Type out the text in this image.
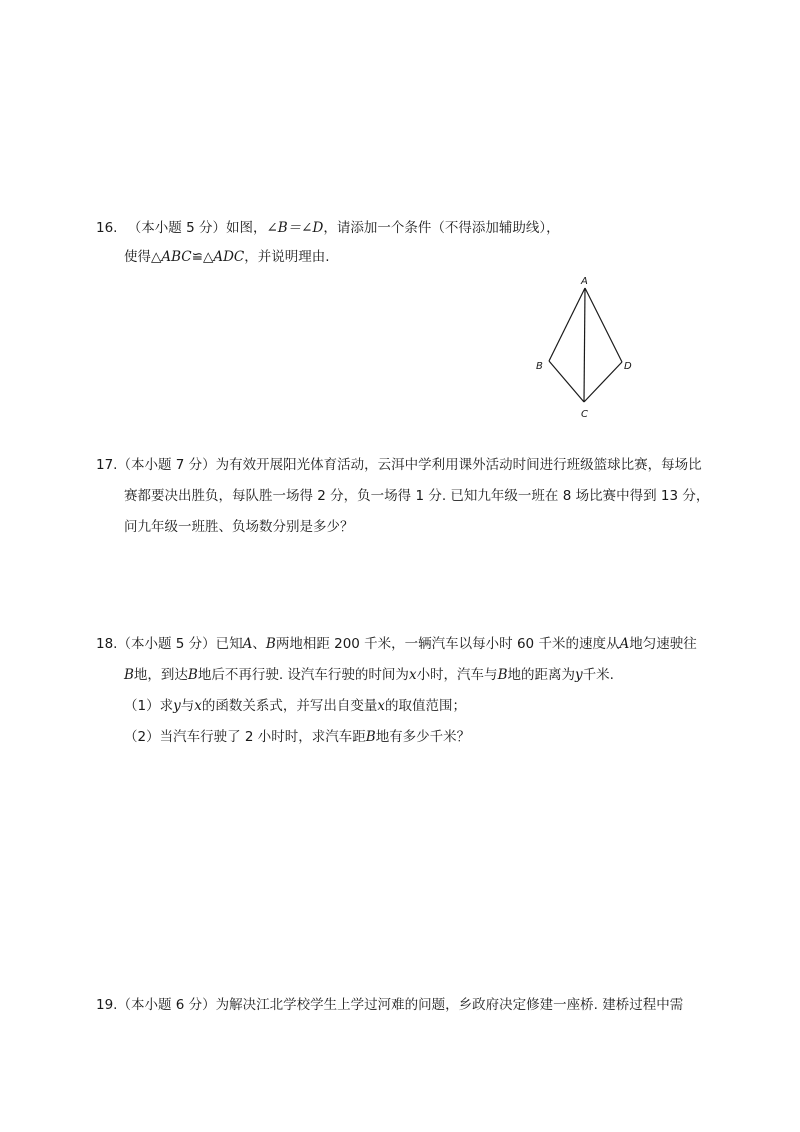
16. （本小题 5 分）如图，∠B＝∠D，请添加一个条件（不得添加辅助线），
使得△ABC≌△ADC，并说明理由.
A
B	D
C
17.（本小题 7 分）为有效开展阳光体育活动，云洱中学利用课外活动时间进行班级篮球比赛，每场比
赛都要决出胜负，每队胜一场得 2 分，负一场得 1 分. 已知九年级一班在 8 场比赛中得到 13 分，
问九年级一班胜、负场数分别是多少？
18.（本小题 5 分）已知A、B两地相距 200 千米，一辆汽车以每小时 60 千米的速度从A地匀速驶往
B地，到达B地后不再行驶. 设汽车行驶的时间为x小时，汽车与B地的距离为y千米.
（1）求y与x的函数关系式，并写出自变量x的取值范围；
（2）当汽车行驶了 2 小时时，求汽车距B地有多少千米？
19.（本小题 6 分）为解决江北学校学生上学过河难的问题，乡政府决定修建一座桥. 建桥过程中需
